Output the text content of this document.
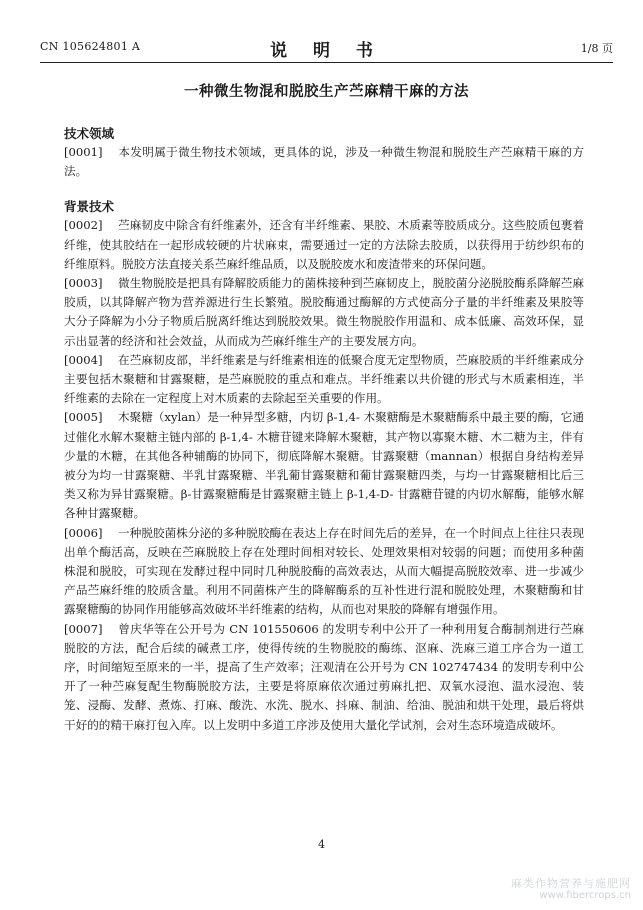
CN 105624801 A	说 明 书	1/8 页
一种微生物混和脱胶生产苎麻精干麻的方法
技术领域

[0001] 本发明属于微生物技术领域，更具体的说，涉及一种微生物混和脱胶生产苎麻精干麻的方法。

背景技术

[0002] 苎麻韧皮中除含有纤维素外，还含有半纤维素、果胶、木质素等胶质成分。这些胶质包裹着纤维，使其胶结在一起形成较硬的片状麻束，需要通过一定的方法除去胶质，以获得用于纺纱织布的纤维原料。脱胶方法直接关系苎麻纤维品质，以及脱胶废水和废渣带来的环保问题。

[0003] 微生物脱胶是把具有降解胶质能力的菌株接种到苎麻韧皮上，脱胶菌分泌脱胶酶系降解苎麻胶质，以其降解产物为营养源进行生长繁殖。脱胶酶通过酶解的方式使高分子量的半纤维素及果胶等大分子降解为小分子物质后脱离纤维达到脱胶效果。微生物脱胶作用温和、成本低廉、高效环保，显示出显著的经济和社会效益，从而成为苎麻纤维生产的主要发展方向。

[0004] 在苎麻韧皮部，半纤维素是与纤维素相连的低聚合度无定型物质，苎麻胶质的半纤维素成分主要包括木聚糖和甘露聚糖，是苎麻脱胶的重点和难点。半纤维素以共价键的形式与木质素相连，半纤维素的去除在一定程度上对木质素的去除起至关重要的作用。

[0005] 木聚糖（xylan）是一种异型多糖，内切 β-1,4- 木聚糖酶是木聚糖酶系中最主要的酶，它通过催化水解木聚糖主链内部的 β-1,4- 木糖苷键来降解木聚糖，其产物以寡聚木糖、木二糖为主，伴有少量的木糖，在其他各种辅酶的协同下，彻底降解木聚糖。甘露聚糖（mannan）根据自身结构差异被分为均一甘露聚糖、半乳甘露聚糖、半乳葡甘露聚糖和葡甘露聚糖四类，与均一甘露聚糖相比后三类又称为异甘露聚糖。β-甘露聚糖酶是甘露聚糖主链上 β-1,4-D- 甘露糖苷键的内切水解酶，能够水解各种甘露聚糖。

[0006] 一种脱胶菌株分泌的多种脱胶酶在表达上存在时间先后的差异，在一个时间点上往往只表现出单个酶活高，反映在苎麻脱胶上存在处理时间相对较长、处理效果相对较弱的问题；而使用多种菌株混和脱胶，可实现在发酵过程中同时几种脱胶酶的高效表达，从而大幅提高脱胶效率、进一步减少产品苎麻纤维的胶质含量。利用不同菌株产生的降解酶系的互补性进行混和脱胶处理，木聚糖酶和甘露聚糖酶的协同作用能够高效破坏半纤维素的结构，从而也对果胶的降解有增强作用。

[0007] 曾庆华等在公开号为 CN 101550606 的发明专利中公开了一种利用复合酶制剂进行苎麻脱胶的方法，配合后续的碱煮工序，使得传统的生物脱胶的酶练、沤麻、洗麻三道工序合为一道工序，时间缩短至原来的一半，提高了生产效率；汪观清在公开号为 CN 102747434 的发明专利中公开了一种苎麻复配生物酶脱胶方法，主要是将原麻依次通过剪麻扎把、双氧水浸泡、温水浸泡、装笼、浸酶、发酵、煮炼、打麻、酸洗、水洗、脱水、抖麻、制油、给油、脱油和烘干处理，最后将烘干好的的精干麻打包入库。以上发明中多道工序涉及使用大量化学试剂，会对生态环境造成破坏。

4
麻类作物营养与施肥网
www.fibercrops.cn
